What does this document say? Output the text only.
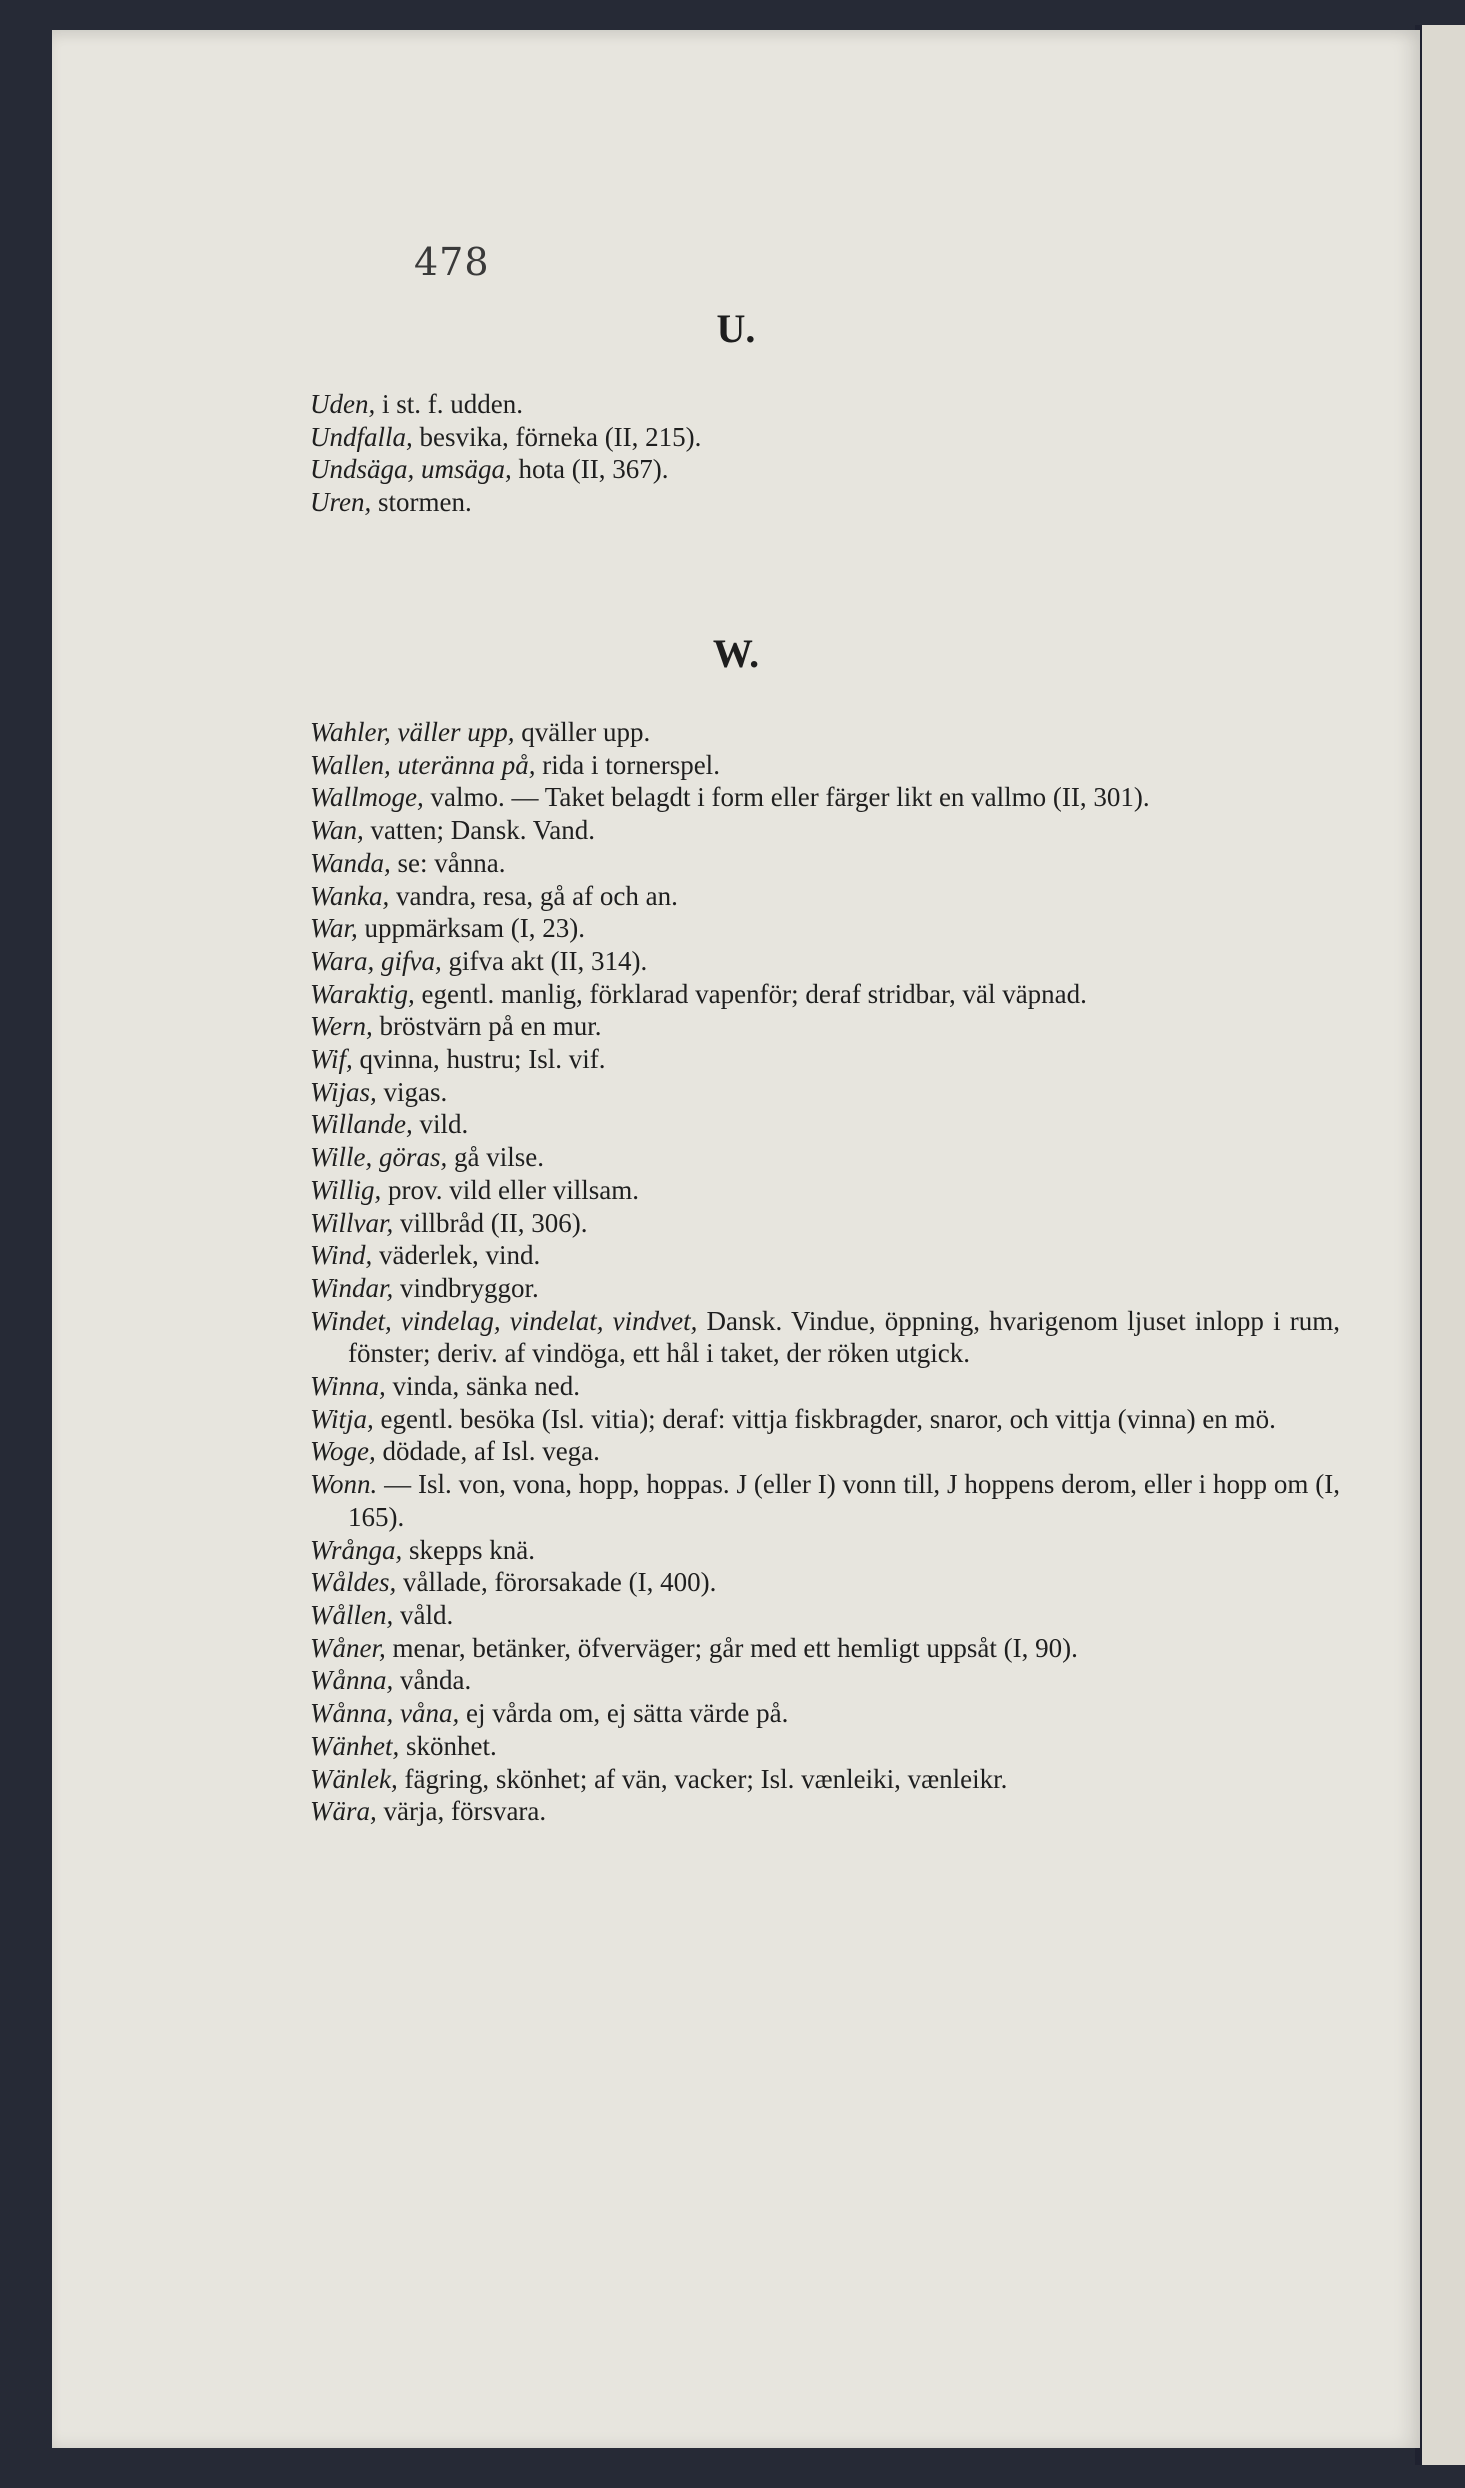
478
U.
Uden, i st. f. udden.
Undfalla, besvika, förneka (II, 215).
Undsäga, umsäga, hota (II, 367).
Uren, stormen.
W.
Wahler, väller upp, qväller upp.
Wallen, uteränna på, rida i tornerspel.
Wallmoge, valmo. — Taket belagdt i form eller färger likt en vallmo (II, 301).
Wan, vatten; Dansk. Vand.
Wanda, se: vånna.
Wanka, vandra, resa, gå af och an.
War, uppmärksam (I, 23).
Wara, gifva, gifva akt (II, 314).
Waraktig, egentl. manlig, förklarad vapenför; deraf stridbar, väl väpnad.
Wern, bröstvärn på en mur.
Wif, qvinna, hustru; Isl. vif.
Wijas, vigas.
Willande, vild.
Wille, göras, gå vilse.
Willig, prov. vild eller villsam.
Willvar, villbråd (II, 306).
Wind, väderlek, vind.
Windar, vindbryggor.
Windet, vindelag, vindelat, vindvet, Dansk. Vindue, öppning, hvarigenom ljuset inlopp i rum, fönster; deriv. af vindöga, ett hål i taket, der röken utgick.
Winna, vinda, sänka ned.
Witja, egentl. besöka (Isl. vitia); deraf: vittja fiskbragder, snaror, och vittja (vinna) en mö.
Woge, dödade, af Isl. vega.
Wonn. — Isl. von, vona, hopp, hoppas. J (eller I) vonn till, J hoppens derom, eller i hopp om (I, 165).
Wrånga, skepps knä.
Wåldes, vållade, förorsakade (I, 400).
Wållen, våld.
Wåner, menar, betänker, öfverväger; går med ett hemligt uppsåt (I, 90).
Wånna, vånda.
Wånna, våna, ej vårda om, ej sätta värde på.
Wänhet, skönhet.
Wänlek, fägring, skönhet; af vän, vacker; Isl. vænleiki, vænleikr.
Wära, värja, försvara.
